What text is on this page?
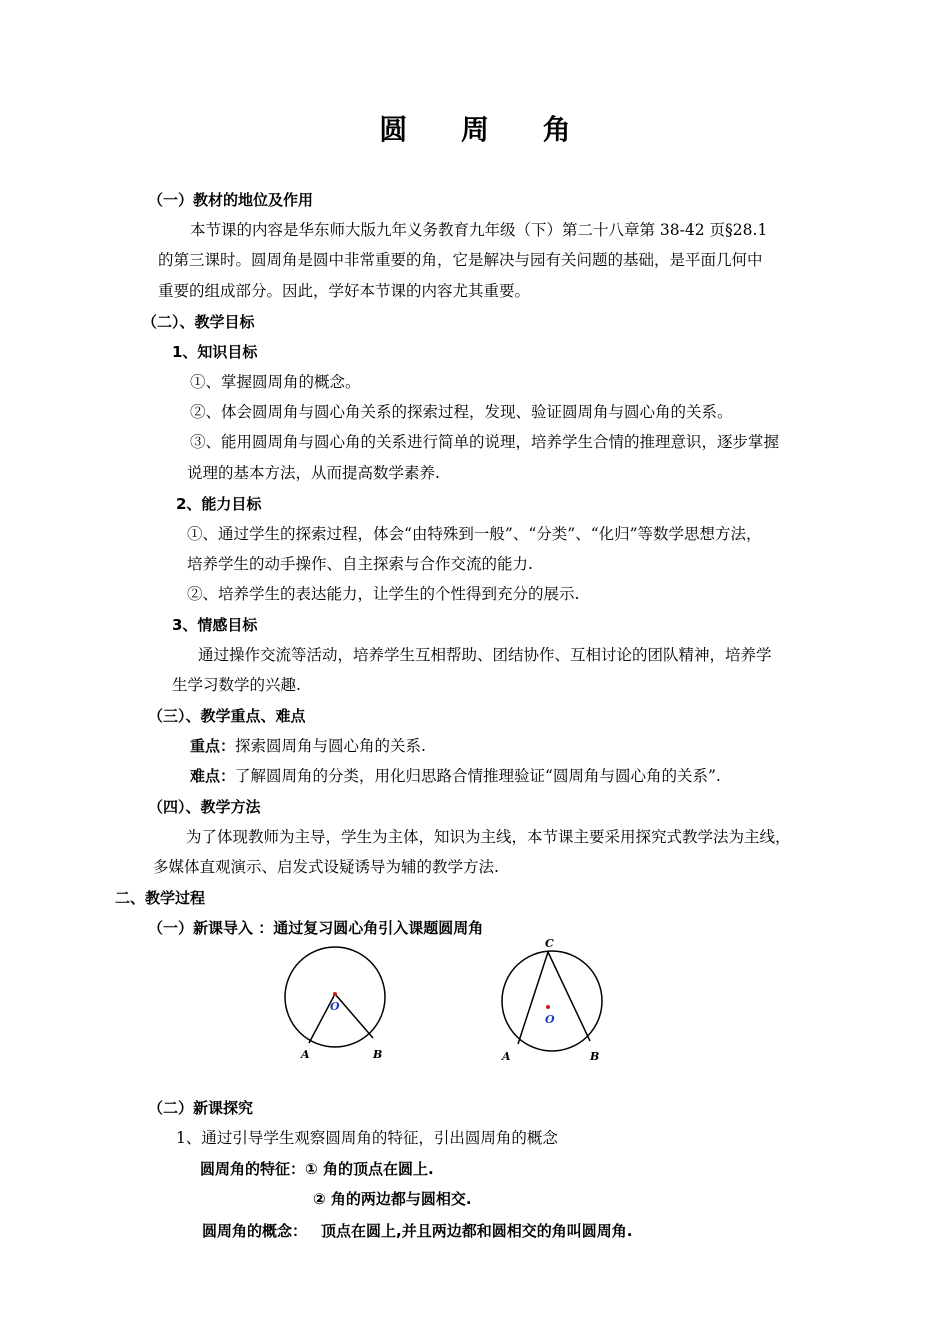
圆 周 角
（一）教材的地位及作用
本节课的内容是华东师大版九年义务教育九年级（下）第二十八章第 38-42 页§28.1
的第三课时。圆周角是圆中非常重要的角，它是解决与园有关问题的基础，是平面几何中
重要的组成部分。因此，学好本节课的内容尤其重要。
（二）、教学目标
1、知识目标
①、掌握圆周角的概念。
②、体会圆周角与圆心角关系的探索过程，发现、验证圆周角与圆心角的关系。
③、能用圆周角与圆心角的关系进行简单的说理，培养学生合情的推理意识，逐步掌握
说理的基本方法，从而提高数学素养.
2、能力目标
①、通过学生的探索过程，体会“由特殊到一般”、“分类”、“化归”等数学思想方法，
培养学生的动手操作、自主探索与合作交流的能力.
②、培养学生的表达能力，让学生的个性得到充分的展示.
3、情感目标
通过操作交流等活动，培养学生互相帮助、团结协作、互相讨论的团队精神，培养学
生学习数学的兴趣.
（三）、教学重点、难点
重点：探索圆周角与圆心角的关系.
难点：了解圆周角的分类，用化归思路合情推理验证“圆周角与圆心角的关系”.
（四）、教学方法
为了体现教师为主导，学生为主体，知识为主线，本节课主要采用探究式教学法为主线，
多媒体直观演示、启发式设疑诱导为辅的教学方法.
二、教学过程
（一）新课导入 ：通过复习圆心角引入课题圆周角
O
A	B
C
O
A	B
（二）新课探究
1、通过引导学生观察圆周角的特征，引出圆周角的概念
圆周角的特征：① 角的顶点在圆上.
② 角的两边都与圆相交.
圆周角的概念： 顶点在圆上,并且两边都和圆相交的角叫圆周角.
